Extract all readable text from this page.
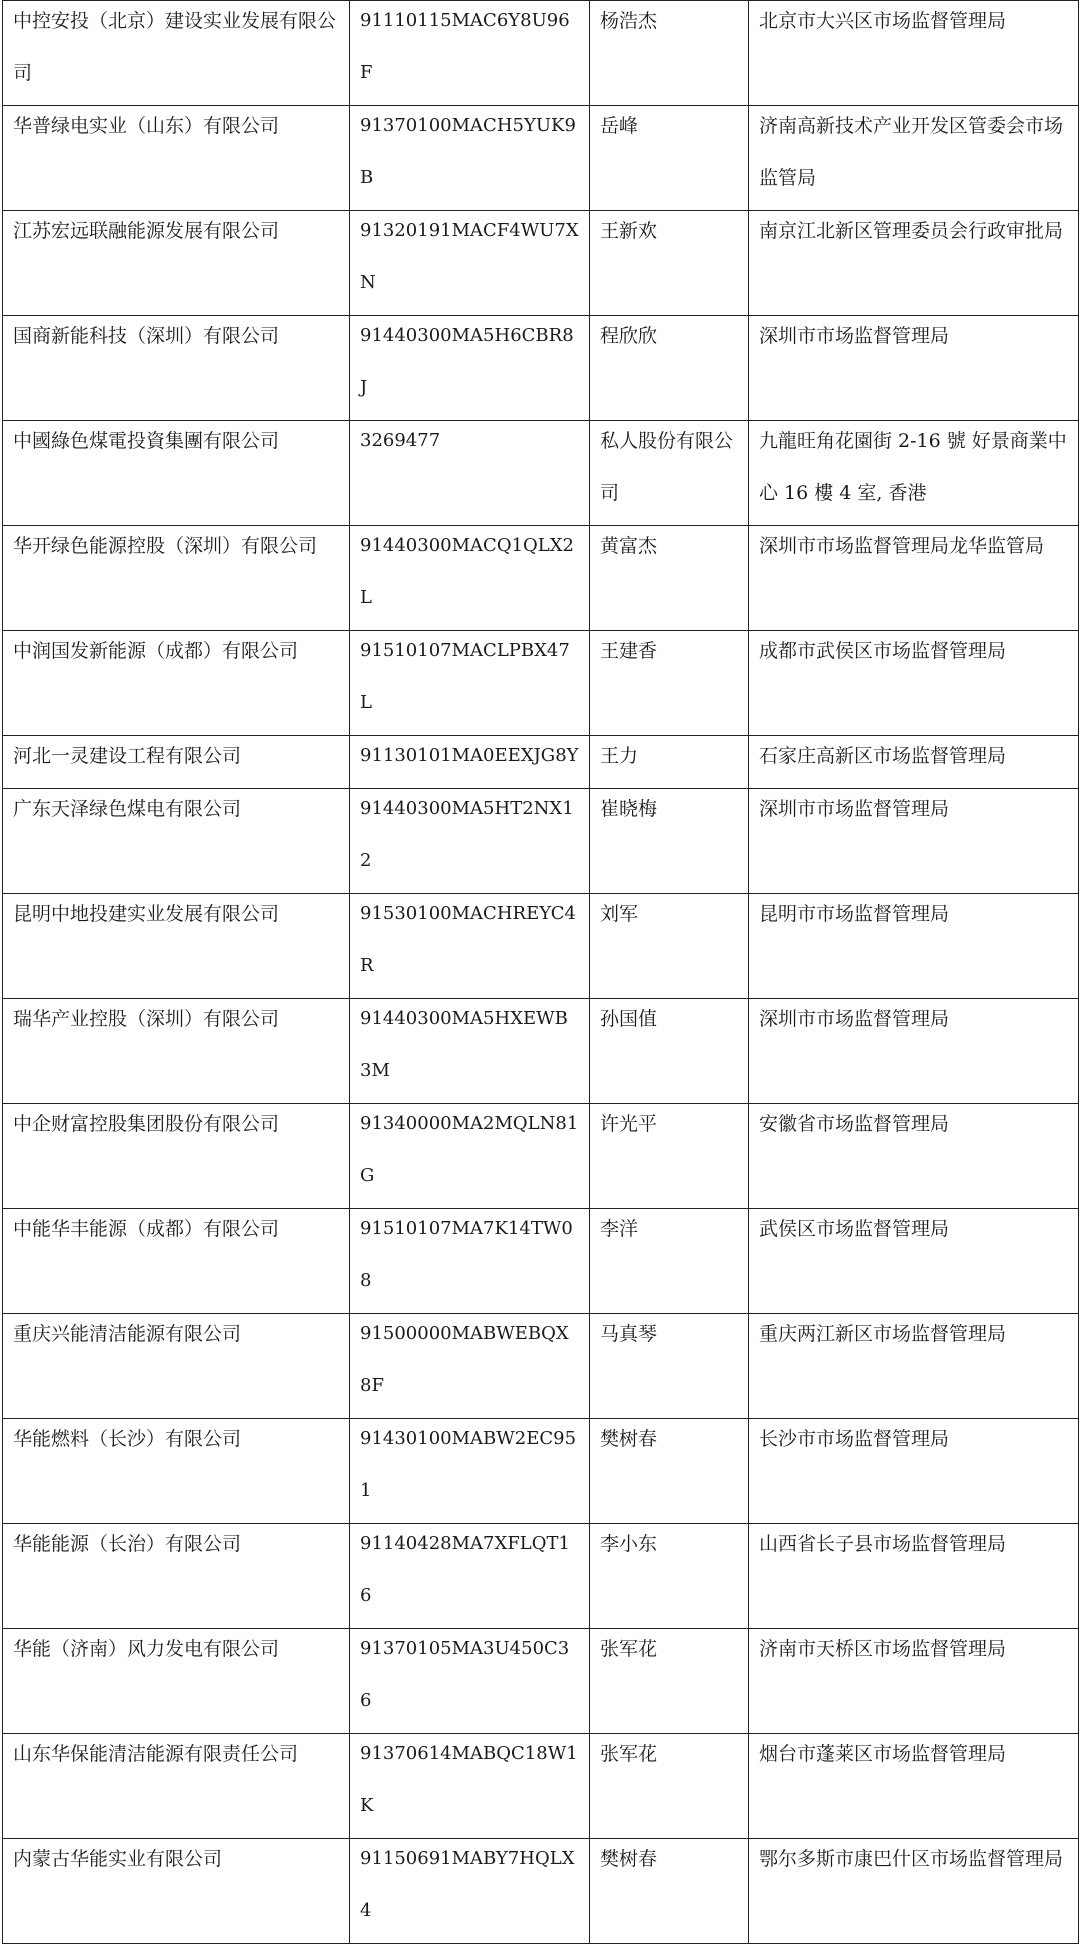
中控安投（北京）建设实业发展有限公司	91110115MAC6Y8U96F	杨浩杰	北京市大兴区市场监督管理局

华普绿电实业（山东）有限公司	91370100MACH5YUK9B	岳峰	济南高新技术产业开发区管委会市场监管局

江苏宏远联融能源发展有限公司	91320191MACF4WU7XN	王新欢	南京江北新区管理委员会行政审批局

国商新能科技（深圳）有限公司	91440300MA5H6CBR8J	程欣欣	深圳市市场监督管理局

中國綠色煤電投資集團有限公司	3269477	私人股份有限公司	九龍旺角花園街 2-16 號 好景商業中心 16 樓 4 室, 香港

华开绿色能源控股（深圳）有限公司	91440300MACQ1QLX2L	黄富杰	深圳市市场监督管理局龙华监管局

中润国发新能源（成都）有限公司	91510107MACLPBX47L	王建香	成都市武侯区市场监督管理局

河北一灵建设工程有限公司	91130101MA0EEXJG8Y	王力	石家庄高新区市场监督管理局

广东天泽绿色煤电有限公司	91440300MA5HT2NX12	崔晓梅	深圳市市场监督管理局

昆明中地投建实业发展有限公司	91530100MACHREYC4R	刘军	昆明市市场监督管理局

瑞华产业控股（深圳）有限公司	91440300MA5HXEWB3M	孙国值	深圳市市场监督管理局

中企财富控股集团股份有限公司	91340000MA2MQLN81G	许光平	安徽省市场监督管理局

中能华丰能源（成都）有限公司	91510107MA7K14TW08	李洋	武侯区市场监督管理局

重庆兴能清洁能源有限公司	91500000MABWEBQX8F	马真琴	重庆两江新区市场监督管理局

华能燃料（长沙）有限公司	91430100MABW2EC951	樊树春	长沙市市场监督管理局

华能能源（长治）有限公司	91140428MA7XFLQT16	李小东	山西省长子县市场监督管理局

华能（济南）风力发电有限公司	91370105MA3U450C36	张军花	济南市天桥区市场监督管理局

山东华保能清洁能源有限责任公司	91370614MABQC18W1K	张军花	烟台市蓬莱区市场监督管理局

内蒙古华能实业有限公司	91150691MABY7HQLX4	樊树春	鄂尔多斯市康巴什区市场监督管理局
